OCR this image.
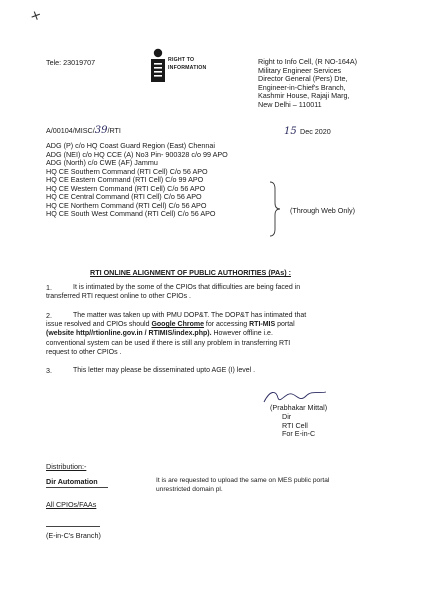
+
Tele: 23019707	RIGHT TO
INFORMATION
Right to Info Cell, (R NO-164A)
Military Engineer Services
Director General (Pers) Dte,
Engineer-in-Chief's Branch,
Kashmir House, Rajaji Marg,
New Delhi – 110011
A/00104/MISC/39/RTI	15 Dec 2020
ADG (P) c/o HQ Coast Guard Region (East) Chennai
ADG (NEI) c/o HQ CCE (A) No3 Pin- 900328 c/o 99 APO
ADG (North) c/o CWE (AF) Jammu
HQ CE Southern Command (RTI Cell) C/o 56 APO
HQ CE Eastern Command (RTI Cell) C/o 99 APO
HQ CE Western Command (RTI Cell) C/o 56 APO
HQ CE Central Command (RTI Cell) C/o 56 APO
HQ CE Northern Command (RTI Cell) C/o 56 APO
HQ CE South West Command (RTI Cell) C/o 56 APO	(Through Web Only)
RTI ONLINE ALIGNMENT OF PUBLIC AUTHORITIES (PAs) :
1.	It is intimated by the some of the CPIOs that difficulties are being faced in
transferred RTI request online to other CPIOs .
2.	The matter was taken up with PMU DOP&T. The DOP&T has intimated that
issue resolved and CPIOs should Google Chrome for accessing RTI-MIS portal
(website http//rtionline.gov.in / RTIMIS/index.php). However offline i.e.
conventional system can be used if there is still any problem in transferring RTI
request to other CPIOs .
3.	This letter may please be disseminated upto AGE (I) level .
(Prabhakar Mittal)
Dir
RTI Cell
For E-in-C
Distribution:-
Dir Automation	It is are requested to upload the same on MES public portal
unrestricted domain pl.
All CPIOs/FAAs
(E-in-C's Branch)
